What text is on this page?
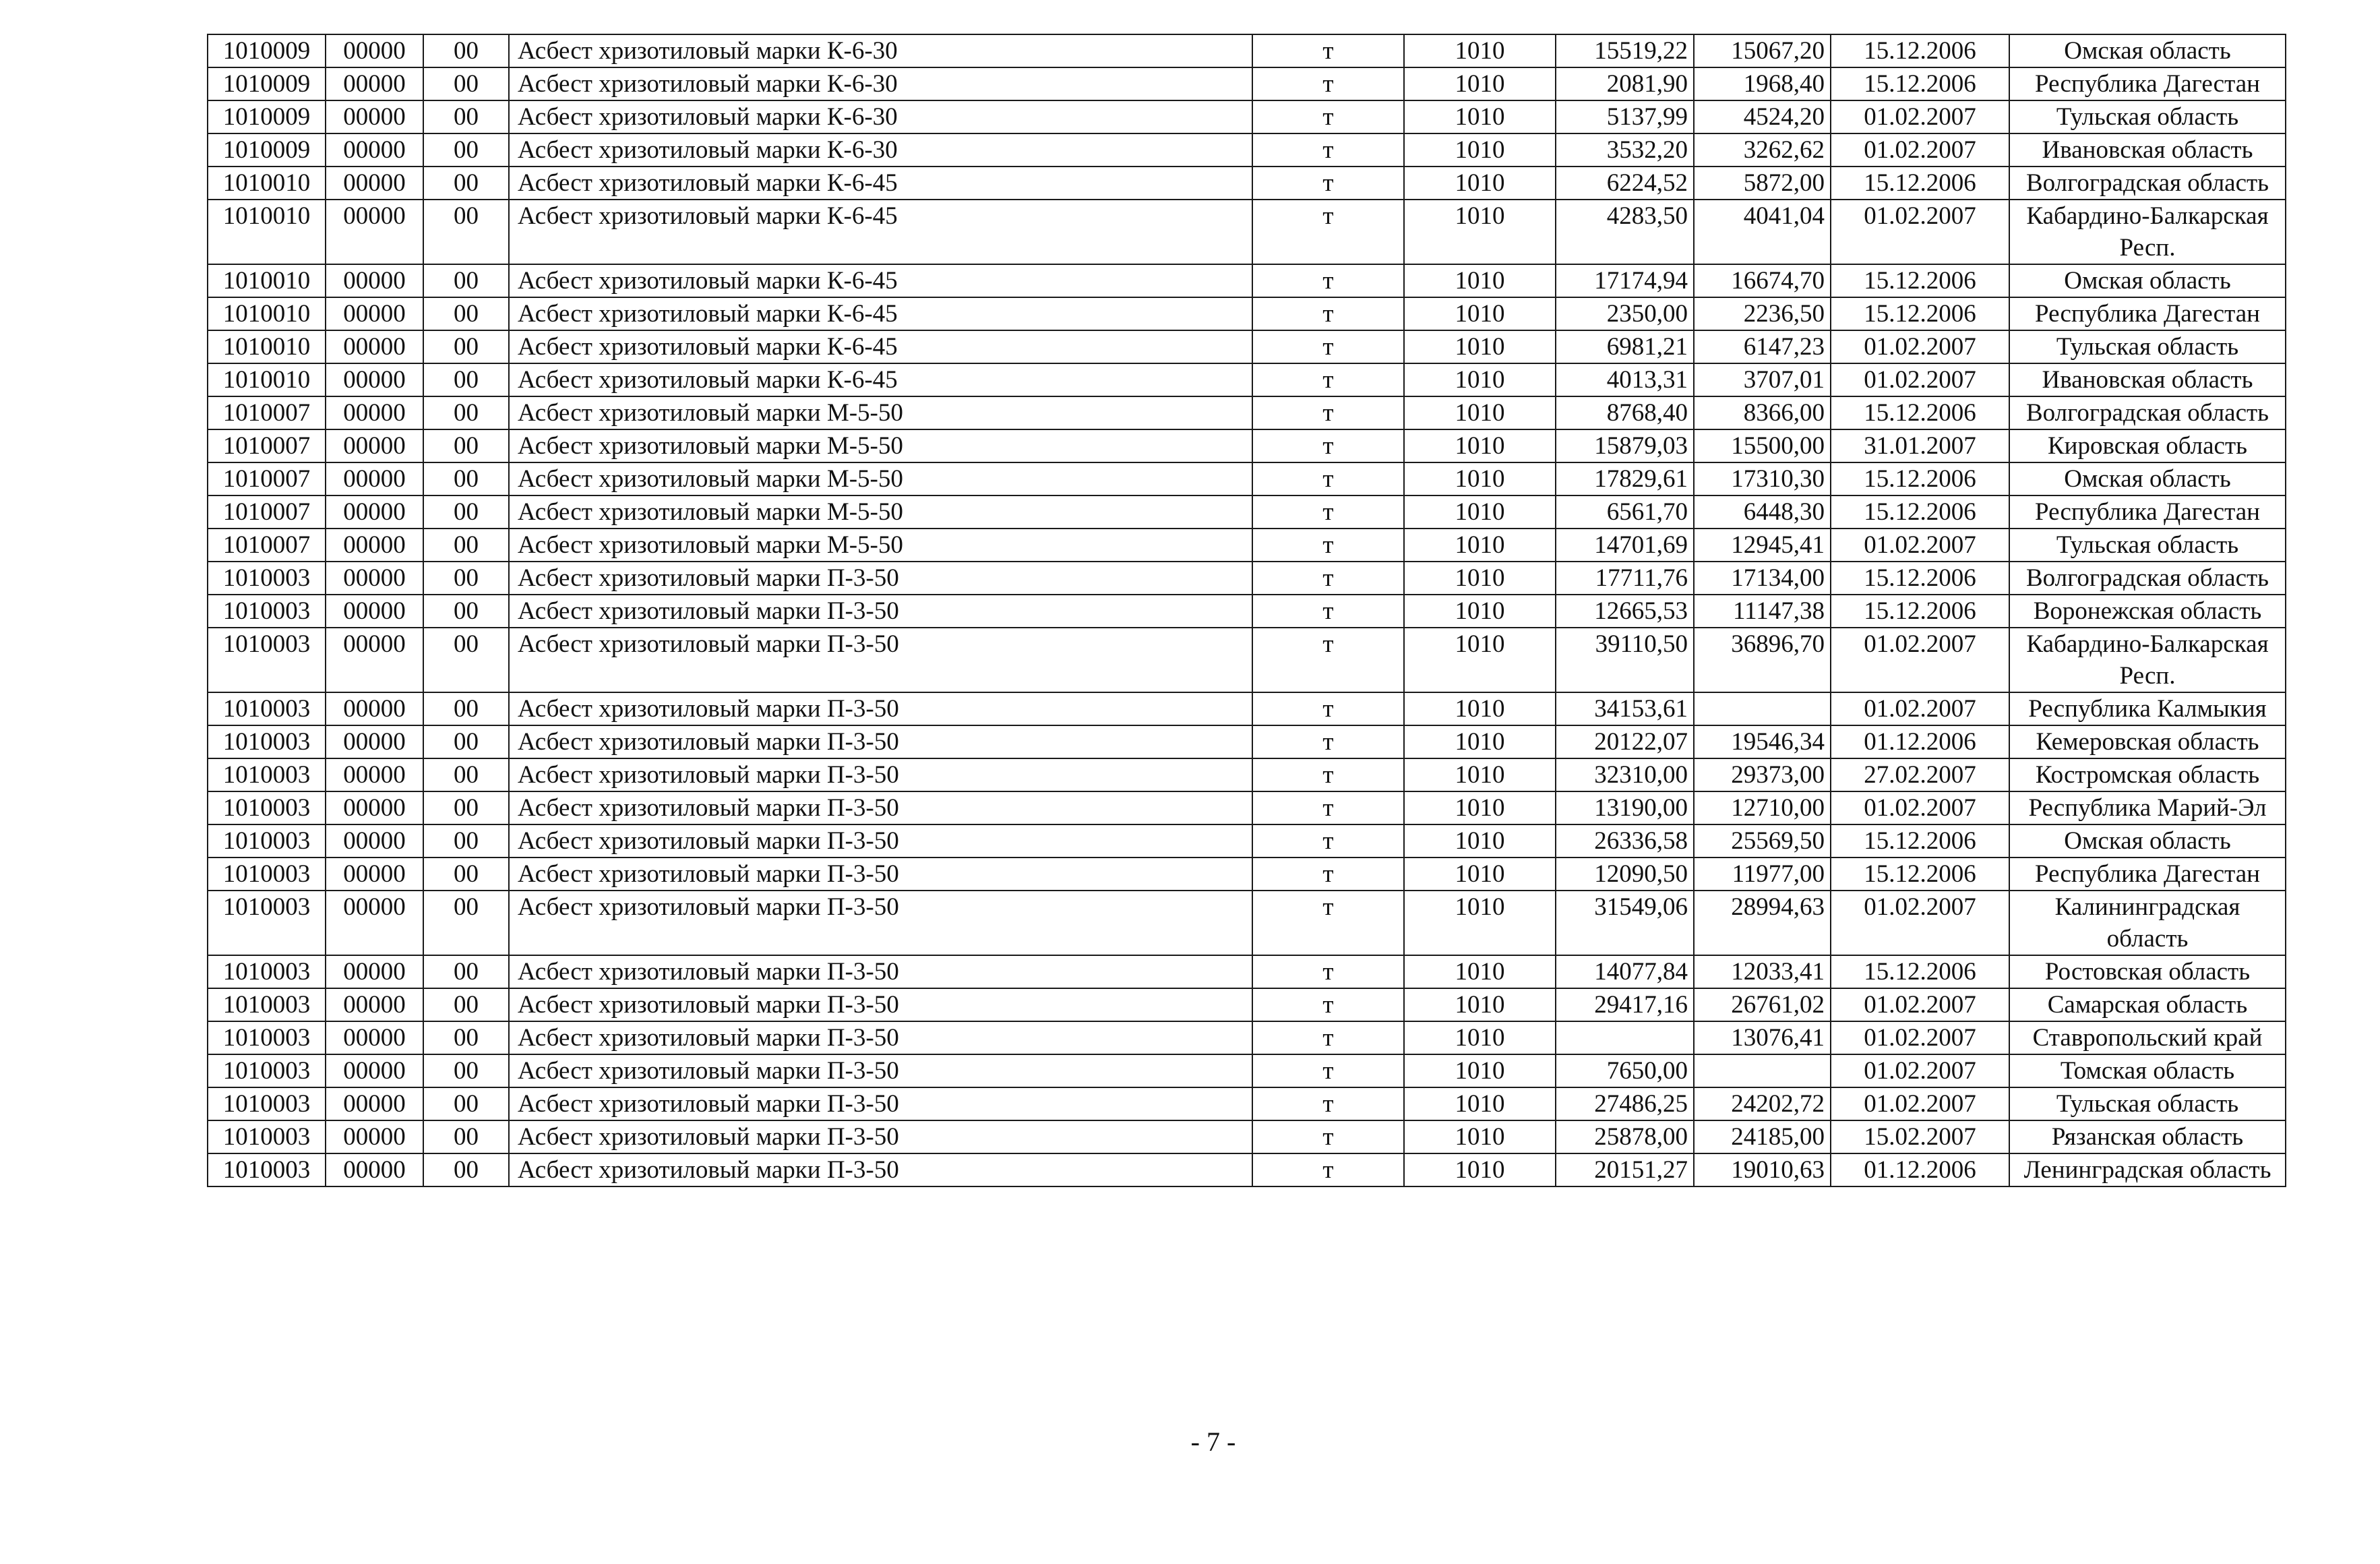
1010009	00000	00	Асбест хризотиловый марки К-6-30	т	1010	15519,22	15067,20	15.12.2006	Омская область
1010009	00000	00	Асбест хризотиловый марки К-6-30	т	1010	2081,90	1968,40	15.12.2006	Республика Дагестан
1010009	00000	00	Асбест хризотиловый марки К-6-30	т	1010	5137,99	4524,20	01.02.2007	Тульская область
1010009	00000	00	Асбест хризотиловый марки К-6-30	т	1010	3532,20	3262,62	01.02.2007	Ивановская область
1010010	00000	00	Асбест хризотиловый марки К-6-45	т	1010	6224,52	5872,00	15.12.2006	Волгоградская область
1010010	00000	00	Асбест хризотиловый марки К-6-45	т	1010	4283,50	4041,04	01.02.2007	Кабардино-Балкарская Респ.
1010010	00000	00	Асбест хризотиловый марки К-6-45	т	1010	17174,94	16674,70	15.12.2006	Омская область
1010010	00000	00	Асбест хризотиловый марки К-6-45	т	1010	2350,00	2236,50	15.12.2006	Республика Дагестан
1010010	00000	00	Асбест хризотиловый марки К-6-45	т	1010	6981,21	6147,23	01.02.2007	Тульская область
1010010	00000	00	Асбест хризотиловый марки К-6-45	т	1010	4013,31	3707,01	01.02.2007	Ивановская область
1010007	00000	00	Асбест хризотиловый марки М-5-50	т	1010	8768,40	8366,00	15.12.2006	Волгоградская область
1010007	00000	00	Асбест хризотиловый марки М-5-50	т	1010	15879,03	15500,00	31.01.2007	Кировская область
1010007	00000	00	Асбест хризотиловый марки М-5-50	т	1010	17829,61	17310,30	15.12.2006	Омская область
1010007	00000	00	Асбест хризотиловый марки М-5-50	т	1010	6561,70	6448,30	15.12.2006	Республика Дагестан
1010007	00000	00	Асбест хризотиловый марки М-5-50	т	1010	14701,69	12945,41	01.02.2007	Тульская область
1010003	00000	00	Асбест хризотиловый марки П-3-50	т	1010	17711,76	17134,00	15.12.2006	Волгоградская область
1010003	00000	00	Асбест хризотиловый марки П-3-50	т	1010	12665,53	11147,38	15.12.2006	Воронежская область
1010003	00000	00	Асбест хризотиловый марки П-3-50	т	1010	39110,50	36896,70	01.02.2007	Кабардино-Балкарская Респ.
1010003	00000	00	Асбест хризотиловый марки П-3-50	т	1010	34153,61		01.02.2007	Республика Калмыкия
1010003	00000	00	Асбест хризотиловый марки П-3-50	т	1010	20122,07	19546,34	01.12.2006	Кемеровская область
1010003	00000	00	Асбест хризотиловый марки П-3-50	т	1010	32310,00	29373,00	27.02.2007	Костромская область
1010003	00000	00	Асбест хризотиловый марки П-3-50	т	1010	13190,00	12710,00	01.02.2007	Республика Марий-Эл
1010003	00000	00	Асбест хризотиловый марки П-3-50	т	1010	26336,58	25569,50	15.12.2006	Омская область
1010003	00000	00	Асбест хризотиловый марки П-3-50	т	1010	12090,50	11977,00	15.12.2006	Республика Дагестан
1010003	00000	00	Асбест хризотиловый марки П-3-50	т	1010	31549,06	28994,63	01.02.2007	Калининградская область
1010003	00000	00	Асбест хризотиловый марки П-3-50	т	1010	14077,84	12033,41	15.12.2006	Ростовская область
1010003	00000	00	Асбест хризотиловый марки П-3-50	т	1010	29417,16	26761,02	01.02.2007	Самарская область
1010003	00000	00	Асбест хризотиловый марки П-3-50	т	1010		13076,41	01.02.2007	Ставропольский край
1010003	00000	00	Асбест хризотиловый марки П-3-50	т	1010	7650,00		01.02.2007	Томская область
1010003	00000	00	Асбест хризотиловый марки П-3-50	т	1010	27486,25	24202,72	01.02.2007	Тульская область
1010003	00000	00	Асбест хризотиловый марки П-3-50	т	1010	25878,00	24185,00	15.02.2007	Рязанская область
1010003	00000	00	Асбест хризотиловый марки П-3-50	т	1010	20151,27	19010,63	01.12.2006	Ленинградская область
- 7 -
